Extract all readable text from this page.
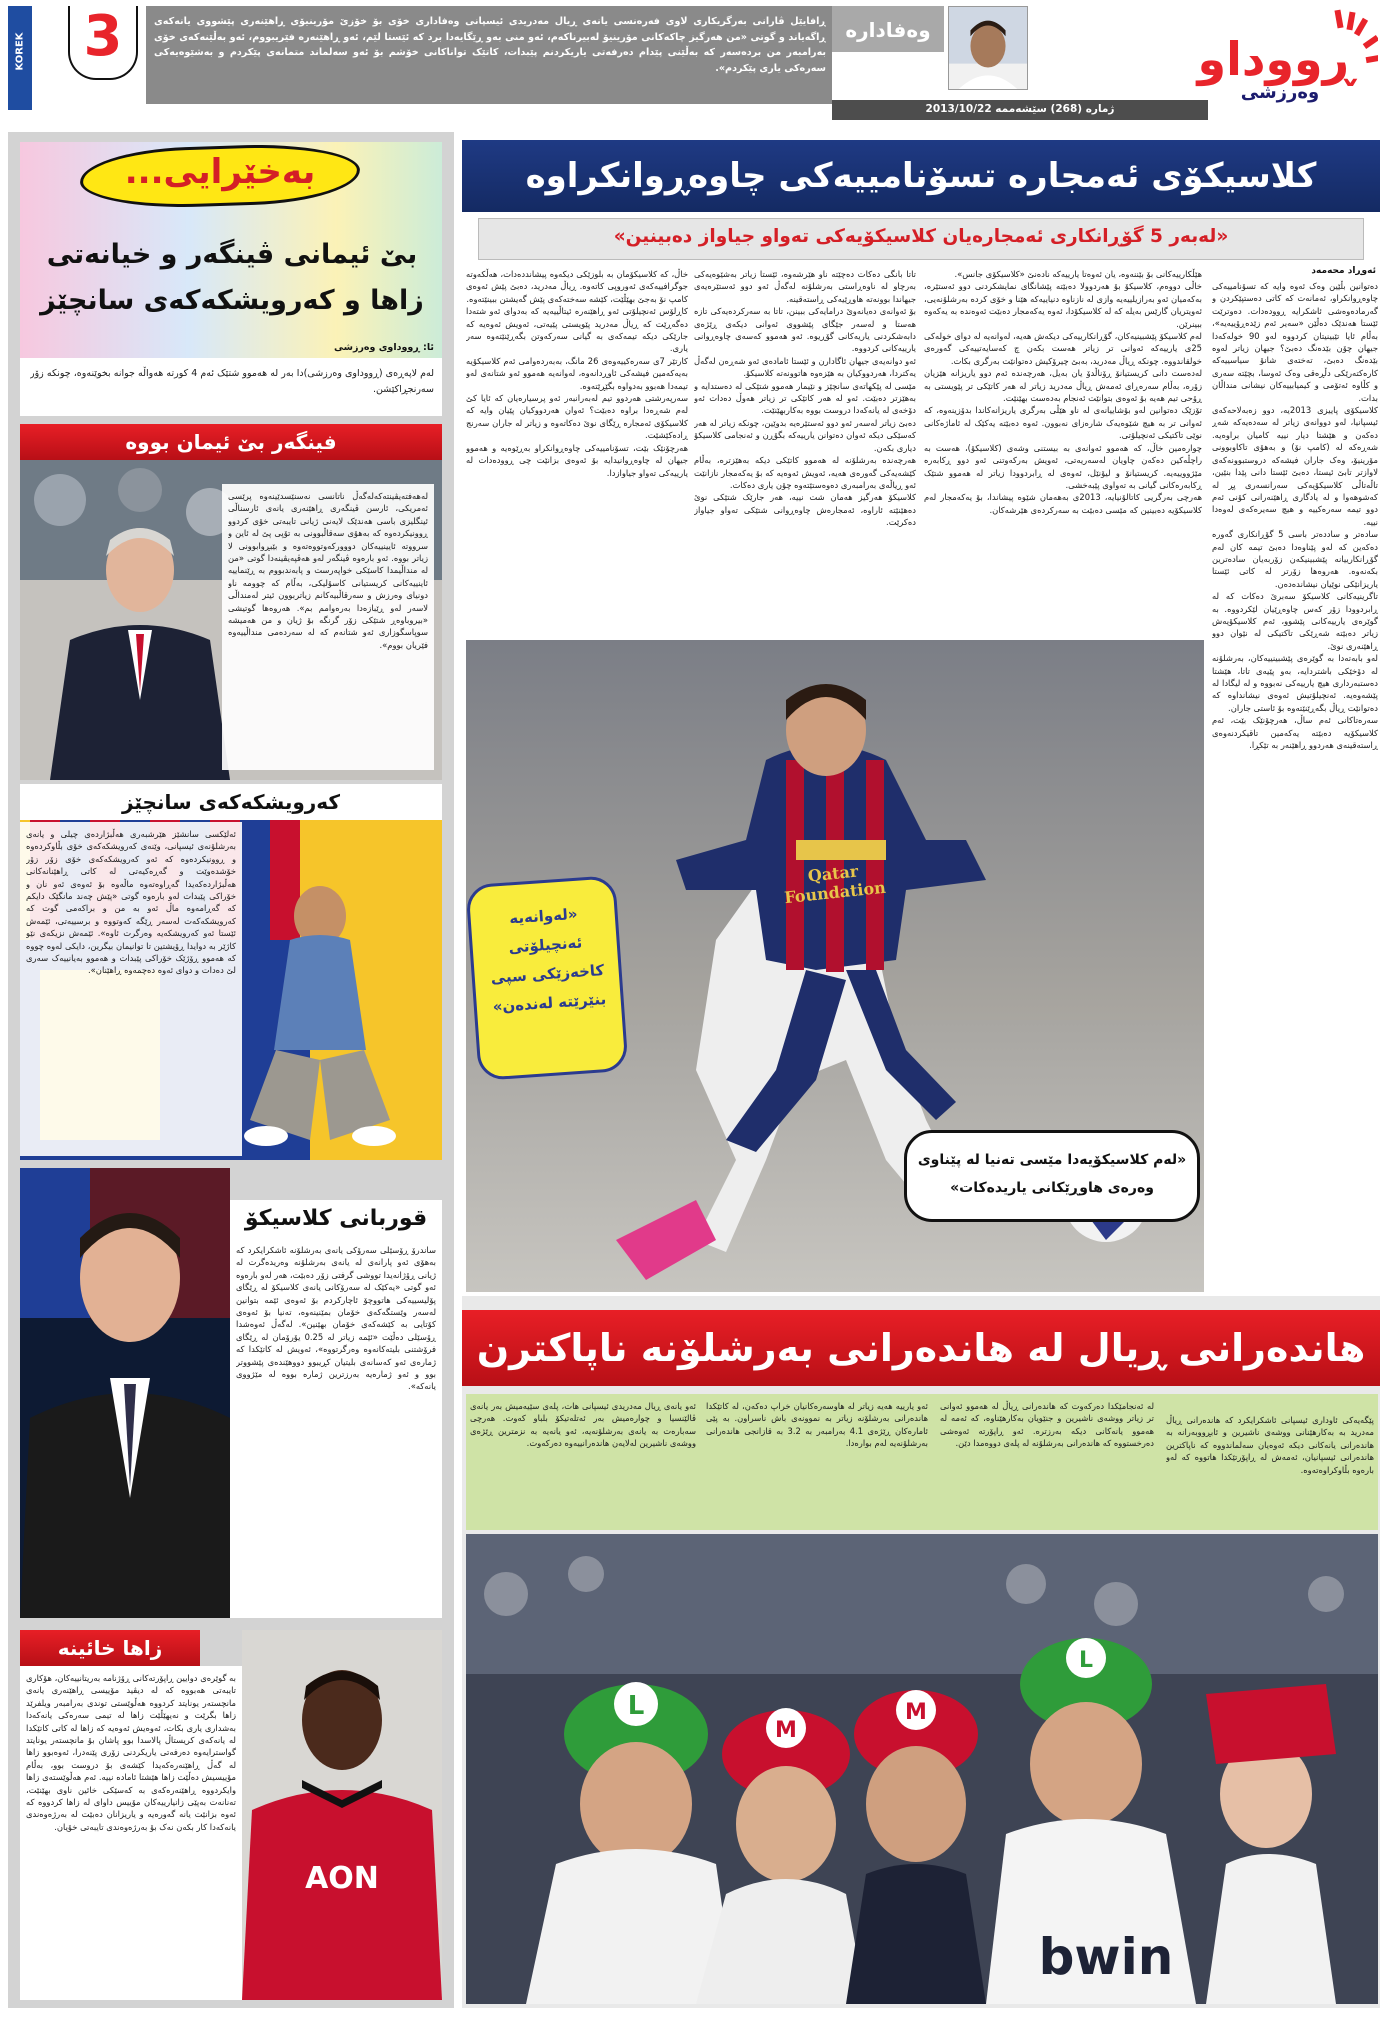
ڕووداو
وەرزشی
وەفادارە
ڕافایێل ڤارانی بەرگریکاری لاوی فەرەنسی یانەی ڕیال مەدریدی ئیسپانی وەفاداری خۆی بۆ خۆزێ مۆرینیۆی ڕاهێنەری پێشووی یانەکەی ڕاگەیاند و گوتی «من هەرگیز چاکەکانی مۆرینیۆ لەبیرناکەم، ئەو منی بەو ڕێگایەدا برد کە ئێستا لێم، ئەو ڕاهێنەرە فێریبووم، ئەو بەڵێنەکەی خۆی بەرامبەر من بردەسەر کە بەڵێنی پێدام دەرفەتی یاریکردنم پێبدات، کاتێک تواناکانی خۆشم بۆ ئەو سەلماند متمانەی پێکردم و بەشێوەیەکی سەرەکی یاری پێکردم».
ژمارە (268) سێشەممە 2013/10/22
KOREK 3
بەخێرایی...
بێ ئیمانی ڤینگەر و خیانەتی زاها و کەرویشکەکەی سانچێز
ئا: ڕووداوی وەرزشی
لەم لاپەڕەی (ڕووداوی وەرزشی)دا بەر لە هەموو شتێک ئەم 4 کورتە هەواڵە جوانە بخوێنەوە، چونکە زۆر سەرنجڕاکێشن.
فینگەر بێ ئیمان بووە
لەهەفتەیڤینتەکەلەگەڵ ناتانسی نەسنێسدێینەوە پرێسی ئەمریکی، ئارسن ڤینگەری ڕاهێنەری یانەی ئارسناڵی ئینگلیزی باسی هەندێک لایەنی ژیانی تایبەتی خۆی کردوو ڕوونیکردەوە کە بەهۆی سەقاڵبوونی بە تۆپی پێ لە ئاین و سرووتە ئایینییەکان دووورکەوتووەتەوە و بێبڕوابوونی لا زیاتر بووە. ئەو بارەوە ڤینگەر لەو هەڤپەیڤینەدا گوتی «من لە منداڵیمدا کاسێکی خواپەرست و پابەندبووم بە ڕێنماییە ئاینییەکانی کریستیانی کاسۆلیکی، بەڵام کە چوومە ناو دونیای وەرزش و سەرقاڵبیەکانم زیاتربوون ئیتر لەمنداڵی لاسەر لەو ڕێبازەدا بەرەوامم بم». هەروەها گوتیشی «بیروباوەڕ شتێکی زۆر گرنگە بۆ ژیان و من هەمیشە سوپاسگوزاری ئەو شتانەم کە لە سەردەمی منداڵییەوە فێریان بووم».
کەرویشکەکەی سانچێز
ئەلێکسی سانشێز هێرشبەری هەڵبژاردەی چیلی و یانەی بەرشلۆنەی ئیسپانی، وێنەی کەرویشکەکەی خۆی بڵاوکردەوە و ڕوونیکردەوە کە ئەو کەرویشکەکەی خۆی زۆر زۆر خۆشدەوێت و گەڕەکیەتی لە کاتی ڕاهێنانەکانی هەڵبژاردەکەیدا گەڕاوەتەوە ماڵەوە بۆ ئەوەی ئەو نان و خۆراکی پێبدات لەو بارەوە گوتی «پێش چەند مانگێک دایکم کە گەڕامەوە ماڵ ئەو بە من و براکەمی گوت کە کەرویشکەکەت لەسەر ڕێگە کەوتووە و برسییەتی، ئێمەش ئێستا ئەو کەرویشکەیە وەرگرت ئاوە». ئێمەش نزیکەی نێو کاژێر بە دوایدا ڕۆیشتین تا توانیمان بیگرین، دایکی لەوە چووە کە هەموو ڕۆژێک خۆراکی پێبدات و هەموو بەیانییەک سەری لێ دەدات و دوای ئەوە دەچمەوە ڕاهێنان».
قوربانی کلاسیکۆ
ساندرۆ ڕۆسێلی سەرۆکی یانەی بەرشلۆنە ئاشکرایکرد کە بەهۆی ئەو پارانەی لە یانەی بەرشلۆنە وەریدەگرت لە ژیانی ڕۆژانەیدا تووشی گرفتی زۆر دەبێت، هەر لەو بارەوە ئەو گوتی «یەکێک لە سەرۆکانی یانەی کلاسیکۆ لە ڕێگای پۆلیسییەکی هاتووچۆ ئاچارکردم بۆ ئەوەی ئێمە بتوانین لەسەر وێستگەکەی خۆمان بمێنینەوە، تەنیا بۆ ئەوەی کۆتایی بە کێشەکەی خۆمان بهێنین». لەگەڵ ئەوەشدا ڕۆسێلی دەڵێت «ئێمە زیاتر لە 0.25 یۆرۆمان لە ڕێگای فرۆشتنی بلیتەکانەوە وەرگرتووە»، ئەویش لە کاتێکدا کە ژمارەی ئەو کەسانەی بلیتیان کڕیبوو دووهێندەی پێشووتر بوو و ئەو ژمارەیە بەرزترین ژمارە بووە لە مێژووی یانەکە».
زاها خائینە
بە گوێرەی دوایین ڕاپۆرتەکانی ڕۆژنامە بەریتانییەکان، هۆکاری تایبەتی هەبووە کە لە دیڤید مۆییسی ڕاهێنەری یانەی مانچستەر یونایتد کردووە هەڵوێستی توندی بەرامبەر ویلفرێد زاها بگرێت و نەیهێڵێت زاها لە تیمی سەرەکی یانەکەدا بەشداری یاری بکات، ئەوەیش ئەوەیە کە زاها لە کاتی کاتێکدا لە یانەکەی کریستاڵ پالاسدا بوو پاشان بۆ مانچستەر یونایتد گواسترایەوە دەرفەتی یاریکردنی زۆری پێنەدرا، ئەوەبوو زاها لە گەڵ ڕاهێنەرەکەیدا کێشەی بۆ دروست بوو، بەڵام مۆییسیش دەڵێت زاها هێشتا ئامادە نییە. ئەم هەڵوێستەی زاها وایکردووە ڕاهێنەرەکەی بە کەسێکی خائین ناوی بهێنێت، تەنانەت بەپێی زانیارییەکان مۆییس داوای لە زاها کردووە کە ئەوە بزانێت یانە گەورەیە و یاریزانان دەبێت لە بەرژەوەندی یانەکەدا کار بکەن نەک بۆ بەرژەوەندی تایبەتی خۆیان.
AON
کلاسیکۆی ئەمجارە تسۆنامییەکی چاوەڕوانکراوە
«لەبەر 5 گۆڕانکاری ئەمجارەیان کلاسیکۆیەکی تەواو جیاواز دەبینین»
ئەوڕاد محەمەد
دەتوانین بڵێین وەک ئەوە وایە کە تسۆنامییەکی چاوەڕوانکراو، ئەمانەت کە کاتی دەستپێکردن و گەرمادەوەشی ئاشکرایە ڕوودەدات. دەوترێت ئێستا هەندێک دەڵێن «سەیر ئەم زێدەڕۆییەیە»، بەڵام ئایا تێبینیتان کردووە لەو 90 خولەکەدا جیهان چۆن بێدەنگ دەبێ؟ جیهان زیاتر لەوە بێدەنگ دەبێ، تەختەی شانۆ سیاسییەکە کارەکتەرێکی دڵڕەقی وەک ئەوسا، بچێتە سەری و کڵاوە ئەتۆمی و کیمیابییەکان نیشانی منداڵان بدات.
کلاسیکۆی پاییزی 2013یە، دوو زەبەلاحەکەی ئیسپانیا، لەو دووانەی زیاتر لە سەدەیەکە شەڕ دەکەن و هێشتا دیار نییە کامیان براوەیە. شەڕەکە لە (کامپ نۆ) و بەهۆی تاکاوبوونی مۆرینیۆ، وەک جاران فیشەکە دروستبوونەکەی لاوازتر تابێ ئیستا، دەبێ ئێستا دانی پێدا بنێین، تاڵەتاڵی کلاسیکۆیەکی سەرانسەری پڕ لە کەشوهەوا و لە یادگاری ڕاهێنەرانی کۆنی ئەم دوو تیمە سەرەکییە و هیچ سەیرەکەی لەوەدا نییە.
سادەتر و ساددەتر باسی 5 گۆڕانکاری گەورە دەکەین کە لەو پێناوەدا دەبێ تیمە کان لەم گۆڕانکارییانە پێشبینیکەن زۆربەیان سادەترین بکەنەوە. هەروەها زۆرتر لە کاتی ئێستا یاریزانێکی نوێیان نیشاندەدەن.
تاگرینیەکانی کلاسیکۆ سەبرێ دەکات کە لە ڕابردوودا زۆر کەس چاوەڕێیان لێکردووە. بە گوێرەی یارییەکانی پێشوو، ئەم کلاسیکۆیەش زیاتر دەبێتە شەڕێکی تاکتیکی لە نێوان دوو ڕاهێنەری نوێ.
لەو بابەتەدا بە گوێرەی پێشبینییەکان، بەرشلۆنە لە دۆخێکی باشتردایە، بەو پێیەی تاتا، هێشتا دەستبەرداری هیچ یارییەکی نەبووە و لە لیگادا لە پێشەوەیە. ئەنچیلۆتیش ئەوەی نیشانداوە کە دەتوانێت ڕیاڵ بگەڕێنێتەوە بۆ ئاستی جاران.
سەرەتاکانی ئەم ساڵ، هەرچۆنێک بێت، ئەم کلاسیکۆیە دەبێتە یەکەمین تاقیکردنەوەی ڕاستەقینەی هەردوو ڕاهێنەر بە تێکڕا.
هێڵکارییەکانی بۆ بێننەوە، یان ئەوەتا یارییەکە نادەنێ «کلاسیکۆی جانس».
خاڵی دووەم، کلاسیکۆ بۆ هەردوولا دەبێتە پێشانگای نمایشکردنی دوو ئەستێرە، بەکەمیان ئەو بەرازیلییەیە وازی لە نازناوە دنیاییەکە هێنا و خۆی کردە بەرشلۆنەیی، ئەویتریان گارێس بەیلە کە لە کلاسیکۆدا، ئەوە یەکەمجار دەبێت ئەوەندە بە یەکەوە ببینرێن.
لەم کلاسیکۆ پێشبینیەکان، گۆڕانکارییەکی دیکەش هەیە، لەوانەیە لە دوای خولەکی 25ی یارییەکە ئەوانی تر زیاتر هەست بکەن چ کەسایەتییەکی گەورەی خولقاندووە. چونکە ڕیاڵ مەدرید، بەبێ چیرۆکیش دەتوانێت بەرگری بکات.
لەدەست دانی کریستیانۆ ڕۆناڵدۆ یان بەیل، هەرچەندە ئەم دوو یاریزانە هێزیان زۆرە، بەڵام سەرەڕای ئەمەش ڕیاڵ مەدرید زیاتر لە هەر کاتێکی تر پێویستی بە ڕۆحی تیم هەیە بۆ ئەوەی بتوانێت ئەنجام بەدەست بهێنێت.
تۆزێک دەتوانین لەو بۆشاییانەی لە ناو هێڵی بەرگری یاریزانەکاندا بدۆزینەوە، کە ئەوانی تر بە هیچ شێوەیەک شارەزای نەبوون. ئەوە دەبێتە یەکێک لە ئاماژەکانی نوێی تاکتیکی ئەنچیلۆتی.
چوارەمین خاڵ، کە هەموو ئەوانەی بە بیستنی وشەی (کلاسیکۆ)، هەست بە راچڵەکین دەکەن چاویان لەسەریەتی، ئەویش بەرکەوتنی ئەو دوو ڕکابەرە مێژووییەیە. کریستیانۆ و لیۆنێل، ئەوەی لە ڕابردوودا زیاتر لە هەموو شتێک ڕکابەرەکانی گیانی بە تەواوی پێبەخشی.
هەرچی بەرگریی کاتالۆنیایە، 2013ی بەهەمان شێوە پیشاندا، بۆ یەکەمجار لەم کلاسیکۆیە دەبینین کە مێسی دەبێت بە سەرکردەی هێرشەکان.
تاتا بانگی دەکات دەچێتە ناو هێرشەوە، ئێستا زیاتر بەشێوەیەکی بەرچاو لە ناوەڕاستی بەرشلۆنە لەگەڵ ئەو دوو ئەستێرەیەی جیهاندا بوونەتە هاوڕێیەکی ڕاستەقینە.
بۆ ئەوانەی دەیانەوێ درامایەکی ببینن، تاتا بە سەرکردەیەکی تازە هەستا و لەسەر جێگای پێشووی ئەوانی دیکەی ڕێژەی دابەشکردنی یاریەکانی گۆڕیوە. ئەو هەموو کەسەی چاوەڕوانی یارییەکانی کردووە.
ئەو دوانەیەی جیهان ئاگادارن و ئێستا ئامادەی ئەو شەڕەن لەگەڵ یەکتردا، هەردووکیان بە هێزەوە هاتوونەتە کلاسیکۆ.
مێسی لە پێکهاتەی سانچێز و نێیمار هەموو شتێکی لە دەستدایە و بەهێزتر دەبێت. ئەو لە هەر کاتێکی تر زیاتر هەوڵ دەدات ئەو دۆخەی لە یانەکەدا دروست بووە بەکاربهێنێت.
دەبێ زیاتر لەسەر ئەو دوو ئەستێرەیە بدوێین، چونکە زیاتر لە هەر کەسێکی دیکە ئەوان دەتوانن یارییەکە بگۆڕن و ئەنجامی کلاسیکۆ دیاری بکەن.
هەرچەندە بەرشلۆنە لە هەموو کاتێکی دیکە بەهێزترە، بەڵام کێشەیەکی گەورەی هەیە، ئەویش ئەوەیە کە بۆ یەکەمجار نازانێت ئەو ڕیاڵەی بەرامبەری دەوەستێتەوە چۆن یاری دەکات.
کلاسیکۆ هەرگیز هەمان شت نییە، هەر جارێک شتێکی نوێ دەهێنێتە ئاراوە، ئەمجارەش چاوەڕوانی شتێکی تەواو جیاواز دەکرێت.
خاڵ، کە کلاسیکۆمان بە بلوزێکی دیکەوە پیشانددەدات، هەڵکەوتە جوگرافییەکەی ئەوروپی کاتەوە. ڕیاڵ مەدرید، دەبێ پێش ئەوەی کامپ نۆ بەجێ بهێڵێت، کێشە سەختەکەی پێش گەیشتن ببینێتەوە.
کاڕلۆس ئەنچیلۆتی ئەو ڕاهێنەرە ئیتاڵییەیە کە بەدوای ئەو شتەدا دەگەڕێت کە ڕیاڵ مەدرید پێویستی پێیەتی، ئەویش ئەوەیە کە جارێکی دیکە تیمەکەی بە گیانی سەرکەوتن بگەڕێنێتەوە سەر یاری.
کارتێر 7ی سەرەکییەوەی 26 مانگ، بەبەردەوامی ئەم کلاسیکۆیە بەیەکەمین فیشەکی ئاوڕدانەوە، لەوانەیە هەموو ئەو شتانەی لەو تیمەدا هەبوو بەدواوە بگێڕێتەوە.
سەرپەرشتی هەردوو تیم لەبەرانبەر ئەو پرسیارەیان کە ئایا کێ لەم شەڕەدا براوە دەبێت؟ ئەوان هەردووکیان پێیان وایە کە کلاسیکۆی ئەمجارە ڕێگای نوێ دەکاتەوە و زیاتر لە جاران سەرنج ڕادەکێشێت.
هەرچۆنێک بێت، تسۆنامییەکی چاوەڕوانکراو بەڕێوەیە و هەموو جیهان لە چاوەڕوانیدایە بۆ ئەوەی بزانێت چی ڕوودەدات لە یارییەکی تەواو جیاوازدا.
Qatar Foundation
«لەوانەیە ئەنچیلۆتی کاخەزێکی سپی بنێرێتە لەندەن»
«لەم کلاسیکۆیەدا مێسی تەنیا لە پێناوی وەرەی هاوڕێکانی یاریدەکات»
هاندەرانی ڕیال لە هاندەرانی بەرشلۆنە ناپاکترن
پێگەیەکی ئاوداری ئیسپانی ئاشکرایکرد کە هاندەرانی ڕیاڵ مەدرید بە بەکارهێنانی ووشەی ناشیرین و ئابڕووبەرانە بە هاندەرانی یانەکانی دیکە ئەوەیان سەلماندووە کە ناپاکترین هاندەرانی ئیسپانیان، ئەمەش لە ڕاپۆرتێکدا هاتووە کە لەو بارەوە بڵاوکراوەتەوە.
لە ئەنجامێکدا دەرکەوت کە هاندەرانی ڕیاڵ لە هەموو ئەوانی تر زیاتر ووشەی ناشیرین و جنێویان بەکارهێناوە، کە ئەمە لە هەموو یانەکانی دیکە بەرزترە. ئەو ڕاپۆرتە ئەوەشی دەرخستووە کە هاندەرانی بەرشلۆنە لە پلەی دووەمدا دێن.
ئەو یارییە هەیە زیاتر لە هاوسەرەکانیان خراپ دەکەن، لە کاتێکدا هاندەرانی بەرشلۆنە زیاتر بە نموونەی باش ناسراون. بە پێی ئامارەکان ڕێژەی 4.1 بەرامبەر بە 3.2 بە قازانجی هاندەرانی بەرشلۆنەیە لەم بوارەدا.
ئەو یانەی ڕیال مەدریدی ئیسپانی هات، پلەی سێیەمیش بەر یانەی ڤالێنسیا و چوارەمیش بەر ئەتلەتیکۆ بلباو کەوت. هەرچی سەبارەت بە یانەی بەرشلۆنەیە، ئەو یانەیە بە نزمترین ڕێژەی ووشەی ناشیرین لەلایەن هاندەرانییەوە دەرکەوت.
L
M
M
L
bwin
